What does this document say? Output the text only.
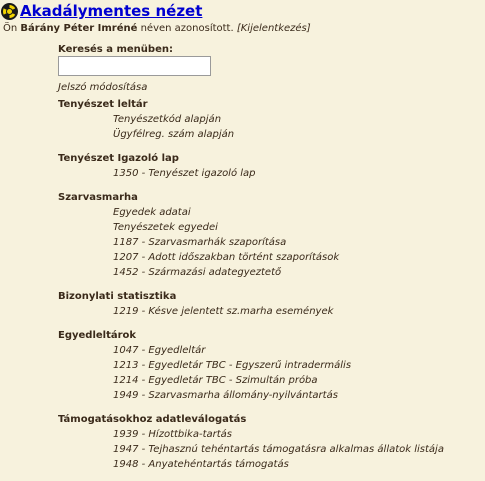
Akadálymentes nézet
Ön Bárány Péter Imréné néven azonosított. [Kijelentkezés]
Keresés a menüben:
Jelszó módosítása
Tenyészet leltár
Tenyészetkód alapján
Ügyfélreg. szám alapján
Tenyészet Igazoló lap
1350 - Tenyészet igazoló lap
Szarvasmarha
Egyedek adatai
Tenyészetek egyedei
1187 - Szarvasmarhák szaporítása
1207 - Adott időszakban történt szaporítások
1452 - Származási adategyeztető
Bizonylati statisztika
1219 - Késve jelentett sz.marha események
Egyedleltárok
1047 - Egyedleltár
1213 - Egyedletár TBC - Egyszerű intradermális
1214 - Egyedletár TBC - Szimultán próba
1949 - Szarvasmarha állomány-nyilvántartás
Támogatásokhoz adatleválogatás
1939 - Hízottbika-tartás
1947 - Tejhasznú tehéntartás támogatásra alkalmas állatok listája
1948 - Anyatehéntartás támogatás
